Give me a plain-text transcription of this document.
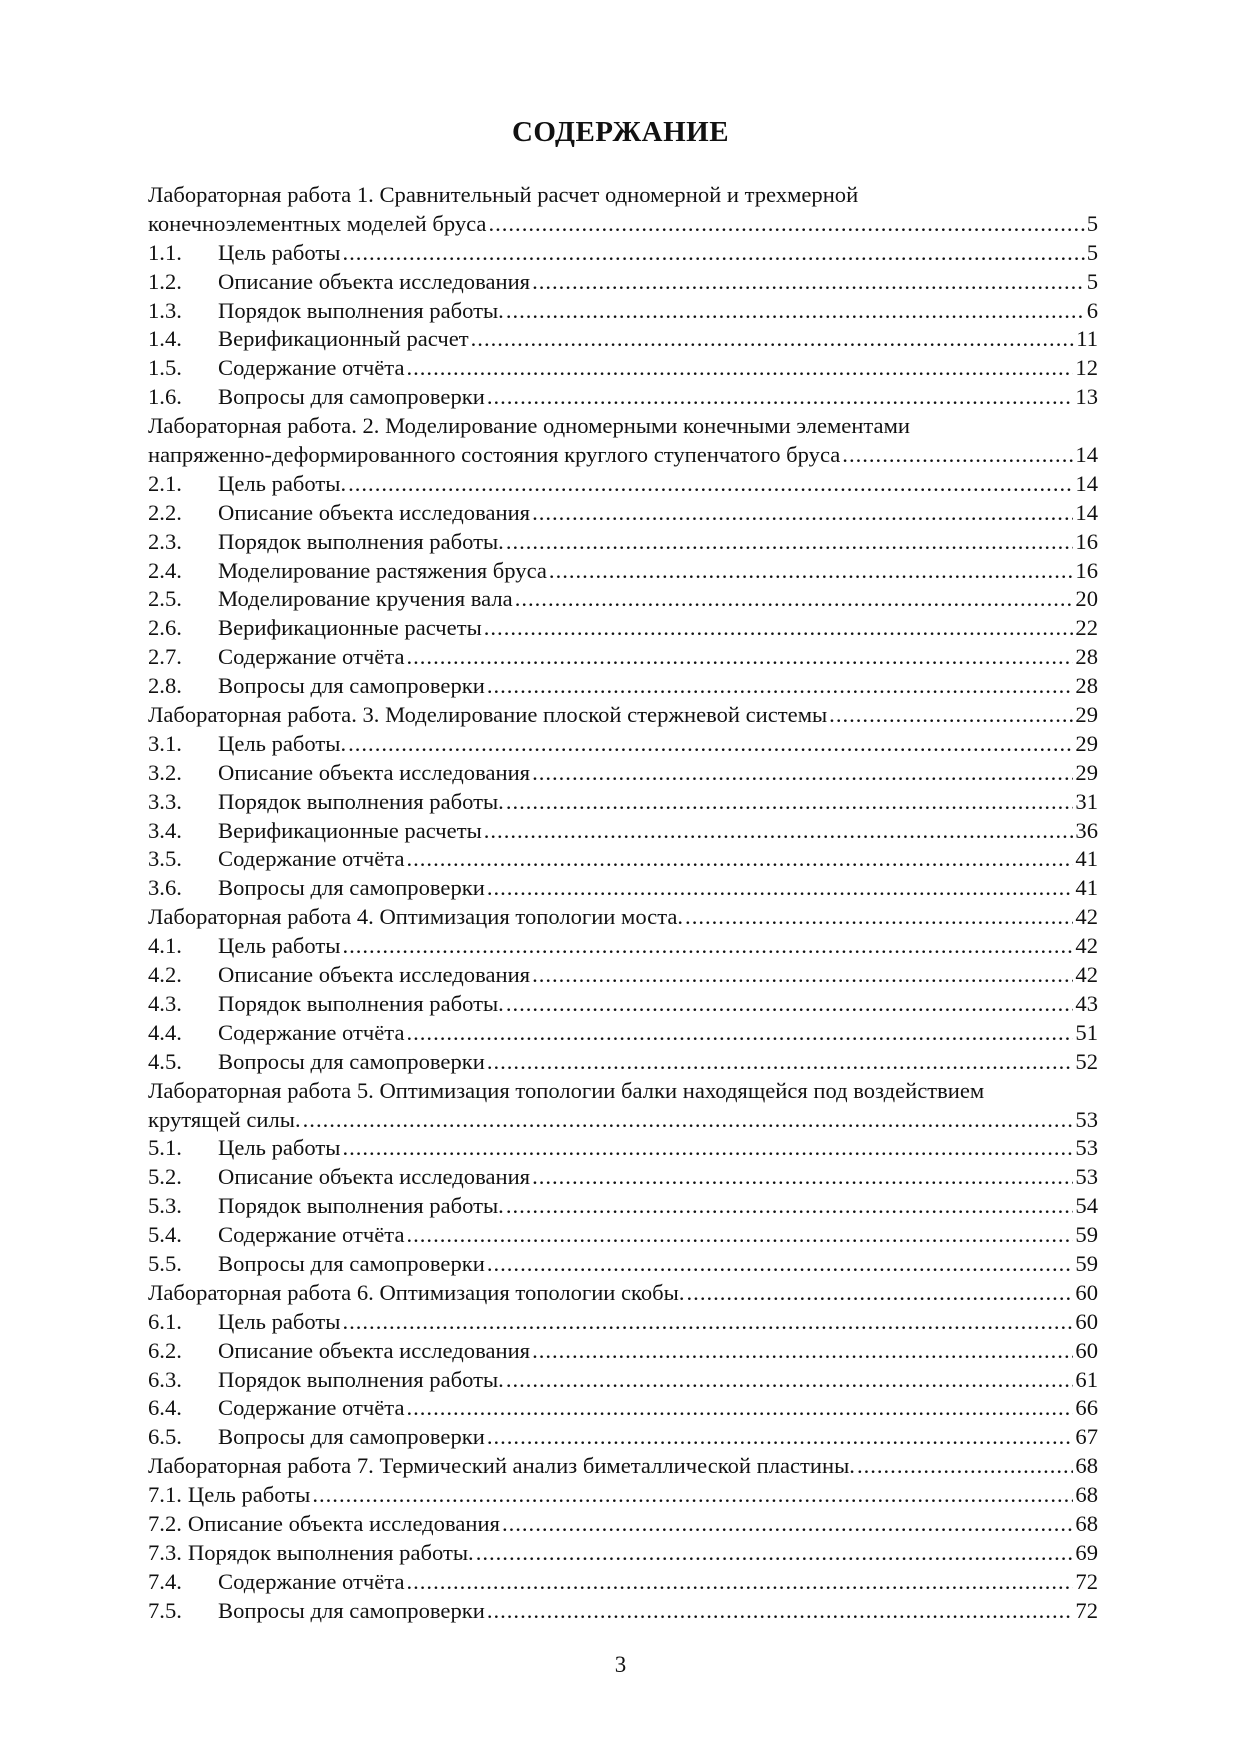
СОДЕРЖАНИЕ
Лабораторная работа 1. Сравнительный расчет одномерной и трехмерной
конечноэлементных моделей бруса .....	5
1.1.	Цель работы .....	5
1.2.	Описание объекта исследования .....	5
1.3.	Порядок выполнения работы. .....	6
1.4.	Верификационный расчет .....	11
1.5.	Содержание отчёта .....	12
1.6.	Вопросы для самопроверки .....	13
Лабораторная работа. 2. Моделирование одномерными конечными элементами
напряженно-деформированного состояния круглого ступенчатого бруса .....	14
2.1.	Цель работы. .....	14
2.2.	Описание объекта исследования .....	14
2.3.	Порядок выполнения работы. .....	16
2.4.	Моделирование растяжения бруса .....	16
2.5.	Моделирование кручения вала .....	20
2.6.	Верификационные расчеты .....	22
2.7.	Содержание отчёта .....	28
2.8.	Вопросы для самопроверки .....	28
Лабораторная работа. 3. Моделирование плоской стержневой системы .....	29
3.1.	Цель работы. .....	29
3.2.	Описание объекта исследования .....	29
3.3.	Порядок выполнения работы. .....	31
3.4.	Верификационные расчеты .....	36
3.5.	Содержание отчёта .....	41
3.6.	Вопросы для самопроверки .....	41
Лабораторная работа 4. Оптимизация топологии моста. .....	42
4.1.	Цель работы .....	42
4.2.	Описание объекта исследования .....	42
4.3.	Порядок выполнения работы. .....	43
4.4.	Содержание отчёта .....	51
4.5.	Вопросы для самопроверки .....	52
Лабораторная работа 5. Оптимизация топологии балки находящейся под воздействием
крутящей силы. .....	53
5.1.	Цель работы .....	53
5.2.	Описание объекта исследования .....	53
5.3.	Порядок выполнения работы. .....	54
5.4.	Содержание отчёта .....	59
5.5.	Вопросы для самопроверки .....	59
Лабораторная работа 6. Оптимизация топологии скобы. .....	60
6.1.	Цель работы .....	60
6.2.	Описание объекта исследования .....	60
6.3.	Порядок выполнения работы. .....	61
6.4.	Содержание отчёта .....	66
6.5.	Вопросы для самопроверки .....	67
Лабораторная работа 7. Термический анализ биметаллической пластины. .....	68
7.1. Цель работы .....	68
7.2. Описание объекта исследования .....	68
7.3. Порядок выполнения работы. .....	69
7.4.	Содержание отчёта .....	72
7.5.	Вопросы для самопроверки .....	72
3
